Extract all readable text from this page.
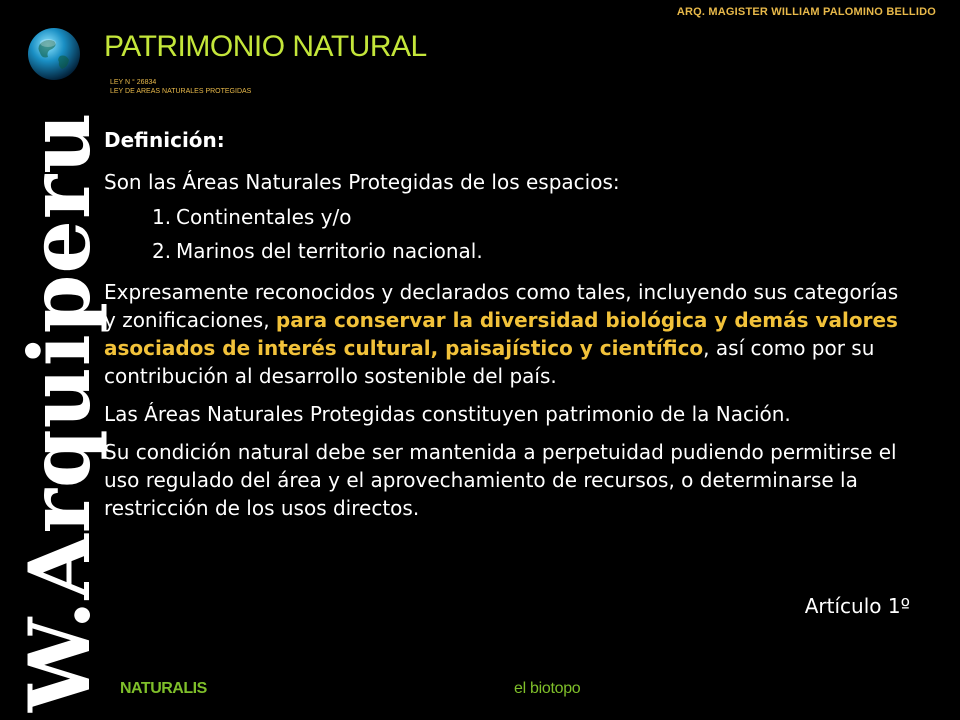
ARQ. MAGISTER WILLIAM PALOMINO BELLIDO
PATRIMONIO NATURAL
LEY N ° 26834
LEY DE AREAS NATURALES PROTEGIDAS
W.Arquiperu

Definición:

Son las Áreas Naturales Protegidas de los espacios:

1. Continentales y/o
2. Marinos del territorio nacional.

Expresamente reconocidos y declarados como tales, incluyendo sus categorías y zonificaciones, para conservar la diversidad biológica y demás valores asociados de interés cultural, paisajístico y científico, así como por su contribución al desarrollo sostenible del país.

Las Áreas Naturales Protegidas constituyen patrimonio de la Nación.

Su condición natural debe ser mantenida a perpetuidad pudiendo permitirse el uso regulado del área y el aprovechamiento de recursos, o determinarse la restricción de los usos directos.

Artículo 1º
NATURALIS	el biotopo
